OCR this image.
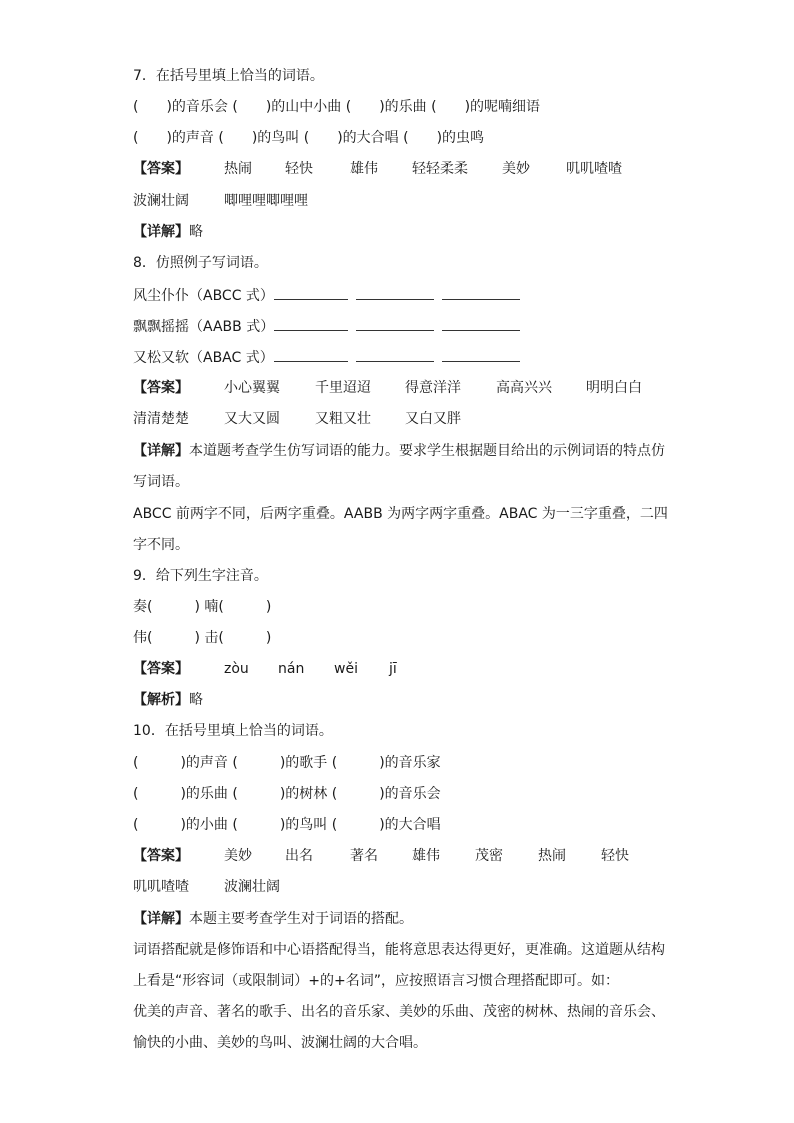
7．在括号里填上恰当的词语。
(　　)的音乐会 (　　)的山中小曲 (　　)的乐曲 (　　)的呢喃细语
(　　)的声音 (　　)的鸟叫 (　　)的大合唱 (　　)的虫鸣
【答案】	热闹 轻快	雄伟 轻轻柔柔 美妙	叽叽喳喳
波澜壮阔	唧哩哩唧哩哩
【详解】略
8．仿照例子写词语。
风尘仆仆（ABCC 式）
飘飘摇摇（AABB 式）
又松又软（ABAC 式）
【答案】	小心翼翼	千里迢迢 得意洋洋	高高兴兴 明明白白
清清楚楚	又大又圆	又粗又壮 又白又胖
【详解】本道题考查学生仿写词语的能力。要求学生根据题目给出的示例词语的特点仿
写词语。
ABCC 前两字不同，后两字重叠。AABB 为两字两字重叠。ABAC 为一三字重叠，二四
字不同。
9．给下列生字注音。
奏(　　　) 喃(　　　)
伟(　　　) 击(　　　)
【答案】	zòu nán wěi jī
【解析】略
10．在括号里填上恰当的词语。
(　　　)的声音 (　　　)的歌手 (　　　)的音乐家
(　　　)的乐曲 (　　　)的树林 (　　　)的音乐会
(　　　)的小曲 (　　　)的鸟叫 (　　　)的大合唱
【答案】	美妙 出名	著名 雄伟	茂密	热闹	轻快
叽叽喳喳	波澜壮阔
【详解】本题主要考查学生对于词语的搭配。
词语搭配就是修饰语和中心语搭配得当，能将意思表达得更好，更准确。这道题从结构
上看是“形容词（或限制词）+的+名词”，应按照语言习惯合理搭配即可。如：
优美的声音、著名的歌手、出名的音乐家、美妙的乐曲、茂密的树林、热闹的音乐会、
愉快的小曲、美妙的鸟叫、波澜壮阔的大合唱。
